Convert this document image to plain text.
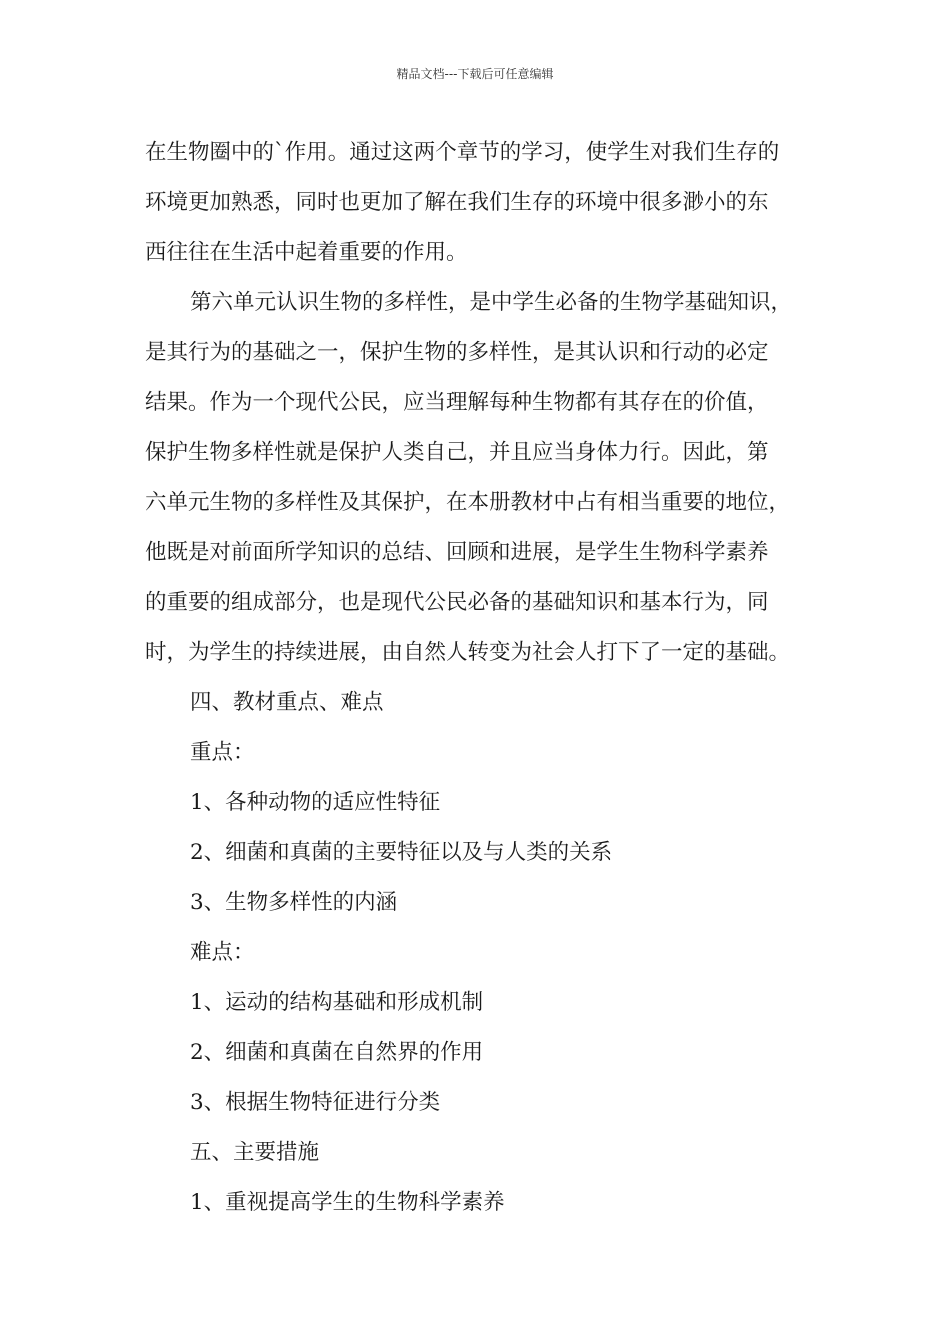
精品文档---下载后可任意编辑
在生物圈中的`作用。通过这两个章节的学习，使学生对我们生存的
环境更加熟悉，同时也更加了解在我们生存的环境中很多渺小的东
西往往在生活中起着重要的作用。
第六单元认识生物的多样性，是中学生必备的生物学基础知识，
是其行为的基础之一，保护生物的多样性，是其认识和行动的必定
结果。作为一个现代公民，应当理解每种生物都有其存在的价值，
保护生物多样性就是保护人类自己，并且应当身体力行。因此，第
六单元生物的多样性及其保护，在本册教材中占有相当重要的地位，
他既是对前面所学知识的总结、回顾和进展，是学生生物科学素养
的重要的组成部分，也是现代公民必备的基础知识和基本行为，同
时，为学生的持续进展，由自然人转变为社会人打下了一定的基础。
四、教材重点、难点
重点：
1、各种动物的适应性特征
2、细菌和真菌的主要特征以及与人类的关系
3、生物多样性的内涵
难点：
1、运动的结构基础和形成机制
2、细菌和真菌在自然界的作用
3、根据生物特征进行分类
五、主要措施
1、重视提高学生的生物科学素养
